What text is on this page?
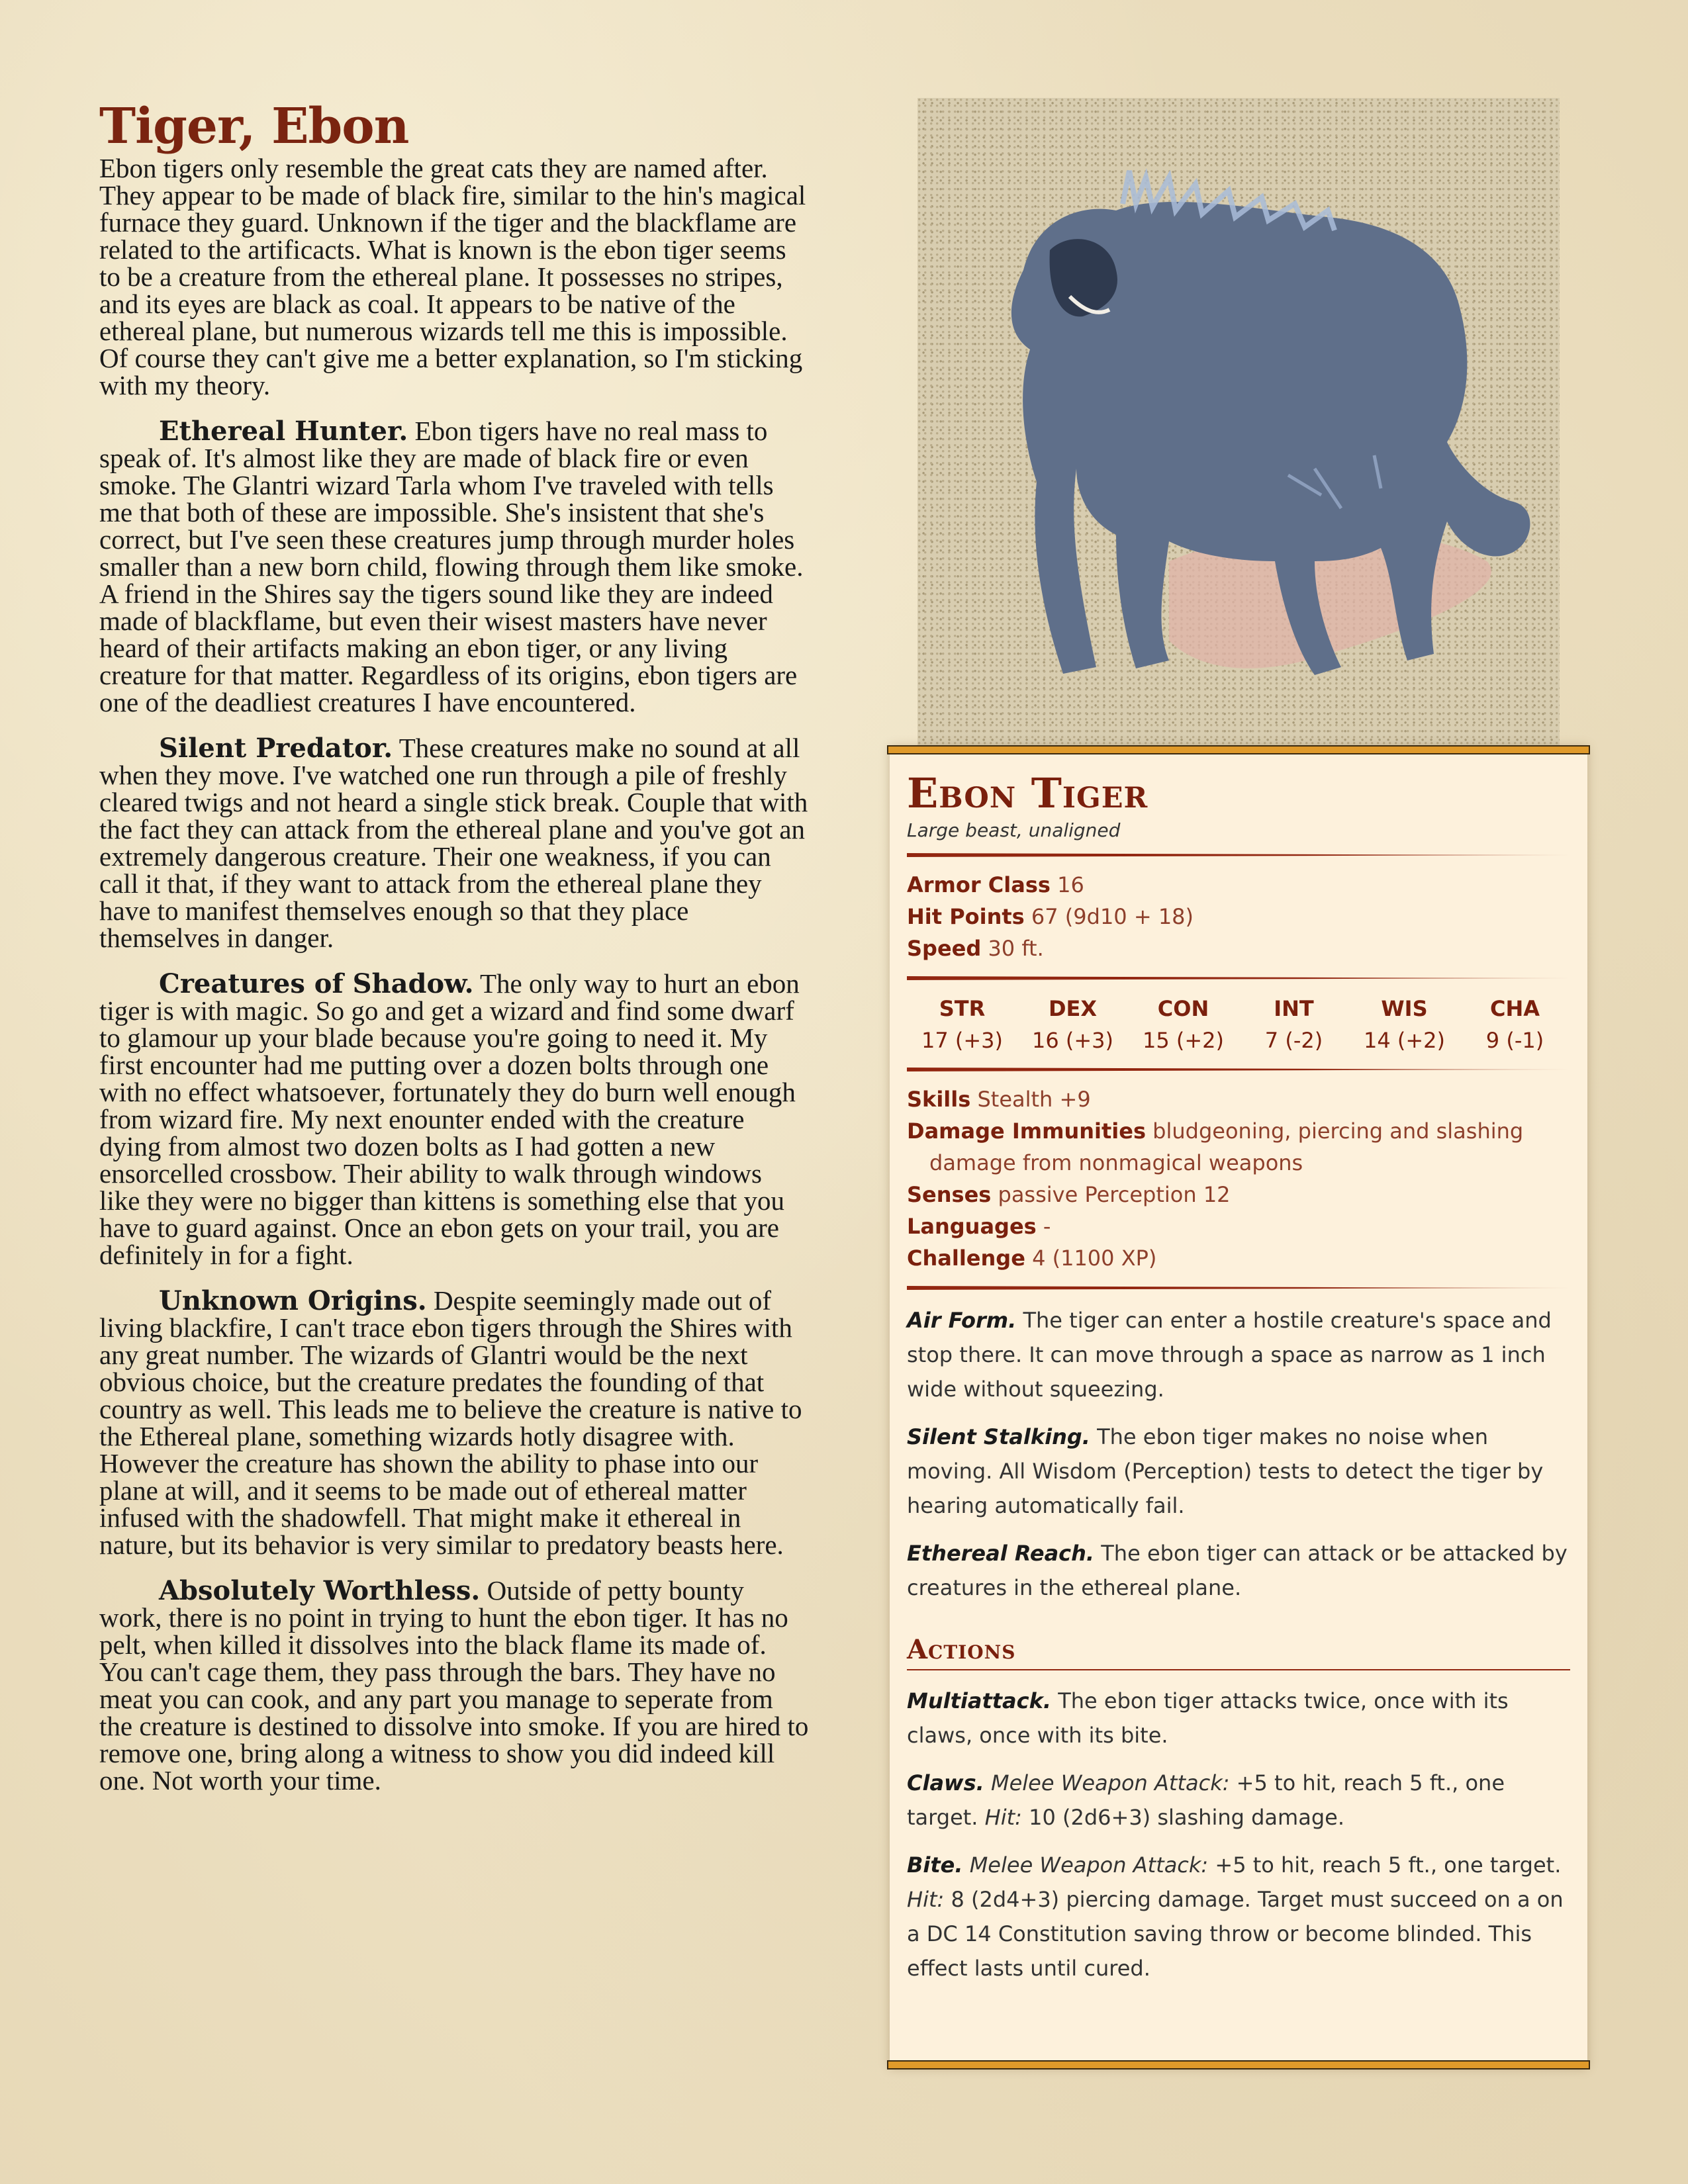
Tiger, Ebon

Ebon tigers only resemble the great cats they are named after. They appear to be made of black fire, similar to the hin's magical furnace they guard. Unknown if the tiger and the blackflame are related to the artificacts. What is known is the ebon tiger seems to be a creature from the ethereal plane. It possesses no stripes, and its eyes are black as coal. It appears to be native of the ethereal plane, but numerous wizards tell me this is impossible. Of course they can't give me a better explanation, so I'm sticking with my theory.

Ethereal Hunter. Ebon tigers have no real mass to speak of. It's almost like they are made of black fire or even smoke. The Glantri wizard Tarla whom I've traveled with tells me that both of these are impossible. She's insistent that she's correct, but I've seen these creatures jump through murder holes smaller than a new born child, flowing through them like smoke. A friend in the Shires say the tigers sound like they are indeed made of blackflame, but even their wisest masters have never heard of their artifacts making an ebon tiger, or any living creature for that matter. Regardless of its origins, ebon tigers are one of the deadliest creatures I have encountered.

Silent Predator. These creatures make no sound at all when they move. I've watched one run through a pile of freshly cleared twigs and not heard a single stick break. Couple that with the fact they can attack from the ethereal plane and you've got an extremely dangerous creature. Their one weakness, if you can call it that, if they want to attack from the ethereal plane they have to manifest themselves enough so that they place themselves in danger.

Creatures of Shadow. The only way to hurt an ebon tiger is with magic. So go and get a wizard and find some dwarf to glamour up your blade because you're going to need it. My first encounter had me putting over a dozen bolts through one with no effect whatsoever, fortunately they do burn well enough from wizard fire. My next enounter ended with the creature dying from almost two dozen bolts as I had gotten a new ensorcelled crossbow. Their ability to walk through windows like they were no bigger than kittens is something else that you have to guard against. Once an ebon gets on your trail, you are definitely in for a fight.

Unknown Origins. Despite seemingly made out of living blackfire, I can't trace ebon tigers through the Shires with any great number. The wizards of Glantri would be the next obvious choice, but the creature predates the founding of that country as well. This leads me to believe the creature is native to the Ethereal plane, something wizards hotly disagree with. However the creature has shown the ability to phase into our plane at will, and it seems to be made out of ethereal matter infused with the shadowfell. That might make it ethereal in nature, but its behavior is very similar to predatory beasts here.

Absolutely Worthless. Outside of petty bounty work, there is no point in trying to hunt the ebon tiger. It has no pelt, when killed it dissolves into the black flame its made of. You can't cage them, they pass through the bars. They have no meat you can cook, and any part you manage to seperate from the creature is destined to dissolve into smoke. If you are hired to remove one, bring along a witness to show you did indeed kill one. Not worth your time.

Ebon Tiger
Large beast, unaligned
Armor Class 16
Hit Points 67 (9d10 + 18)
Speed 30 ft.
STR
17 (+3)
DEX
16 (+3)
CON
15 (+2)
INT
7 (-2)
WIS
14 (+2)
CHA
9 (-1)
Skills Stealth +9
Damage Immunities bludgeoning, piercing and slashing damage from nonmagical weapons
Senses passive Perception 12
Languages -
Challenge 4 (1100 XP)

Air Form. The tiger can enter a hostile creature's space and stop there. It can move through a space as narrow as 1 inch wide without squeezing.

Silent Stalking. The ebon tiger makes no noise when moving. All Wisdom (Perception) tests to detect the tiger by hearing automatically fail.

Ethereal Reach. The ebon tiger can attack or be attacked by creatures in the ethereal plane.

Actions

Multiattack. The ebon tiger attacks twice, once with its claws, once with its bite.

Claws. Melee Weapon Attack: +5 to hit, reach 5 ft., one target. Hit: 10 (2d6+3) slashing damage.

Bite. Melee Weapon Attack: +5 to hit, reach 5 ft., one target. Hit: 8 (2d4+3) piercing damage. Target must succeed on a on a DC 14 Constitution saving throw or become blinded. This effect lasts until cured.
